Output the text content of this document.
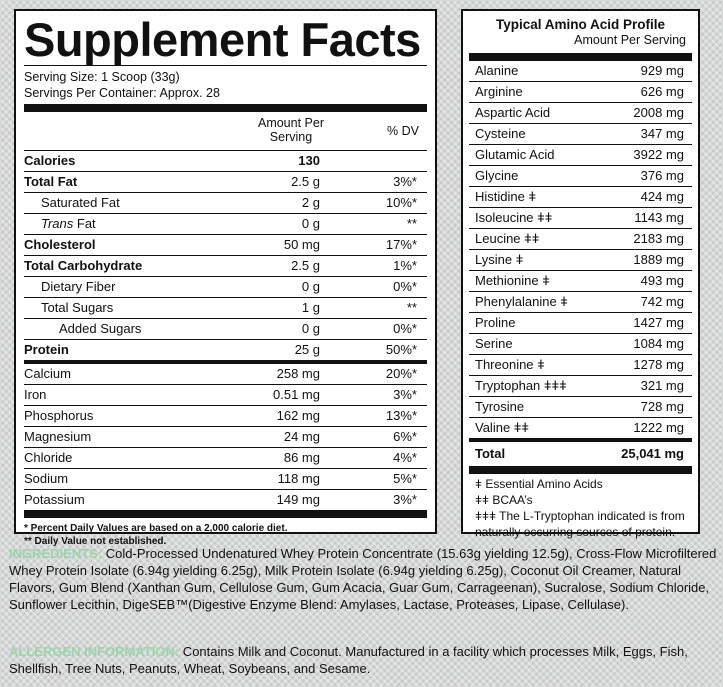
Supplement Facts
Serving Size: 1 Scoop (33g)
Servings Per Container: Approx. 28
Amount Per Serving	% DV
Calories	130
Total Fat	2.5 g	3%*
Saturated Fat	2 g	10%*
Trans Fat	0 g	**
Cholesterol	50 mg	17%*
Total Carbohydrate	2.5 g	1%*
Dietary Fiber	0 g	0%*
Total Sugars	1 g	**
Added Sugars	0 g	0%*
Protein	25 g	50%*
Calcium	258 mg	20%*
Iron	0.51 mg	3%*
Phosphorus	162 mg	13%*
Magnesium	24 mg	6%*
Chloride	86 mg	4%*
Sodium	118 mg	5%*
Potassium	149 mg	3%*
* Percent Daily Values are based on a 2,000 calorie diet.
** Daily Value not established.
Typical Amino Acid Profile
Amount Per Serving
Alanine	929 mg
Arginine	626 mg
Aspartic Acid	2008 mg
Cysteine	347 mg
Glutamic Acid	3922 mg
Glycine	376 mg
Histidine ǂ	424 mg
Isoleucine ǂǂ	1143 mg
Leucine ǂǂ	2183 mg
Lysine ǂ	1889 mg
Methionine ǂ	493 mg
Phenylalanine ǂ	742 mg
Proline	1427 mg
Serine	1084 mg
Threonine ǂ	1278 mg
Tryptophan ǂǂǂ	321 mg
Tyrosine	728 mg
Valine ǂǂ	1222 mg
Total	25,041 mg
ǂ Essential Amino Acids
ǂǂ BCAA’s
ǂǂǂ The L-Tryptophan indicated is from naturally occurring sources of protein.
INGREDIENTS: Cold-Processed Undenatured Whey Protein Concentrate (15.63g yielding 12.5g), Cross-Flow Microfiltered Whey Protein Isolate (6.94g yielding 6.25g), Milk Protein Isolate (6.94g yielding 6.25g), Coconut Oil Creamer, Natural Flavors, Gum Blend (Xanthan Gum, Cellulose Gum, Gum Acacia, Guar Gum, Carrageenan), Sucralose, Sodium Chloride, Sunflower Lecithin, DigeSEB™(Digestive Enzyme Blend: Amylases, Lactase, Proteases, Lipase, Cellulase).
ALLERGEN INFORMATION: Contains Milk and Coconut. Manufactured in a facility which processes Milk, Eggs, Fish, Shellfish, Tree Nuts, Peanuts, Wheat, Soybeans, and Sesame.
